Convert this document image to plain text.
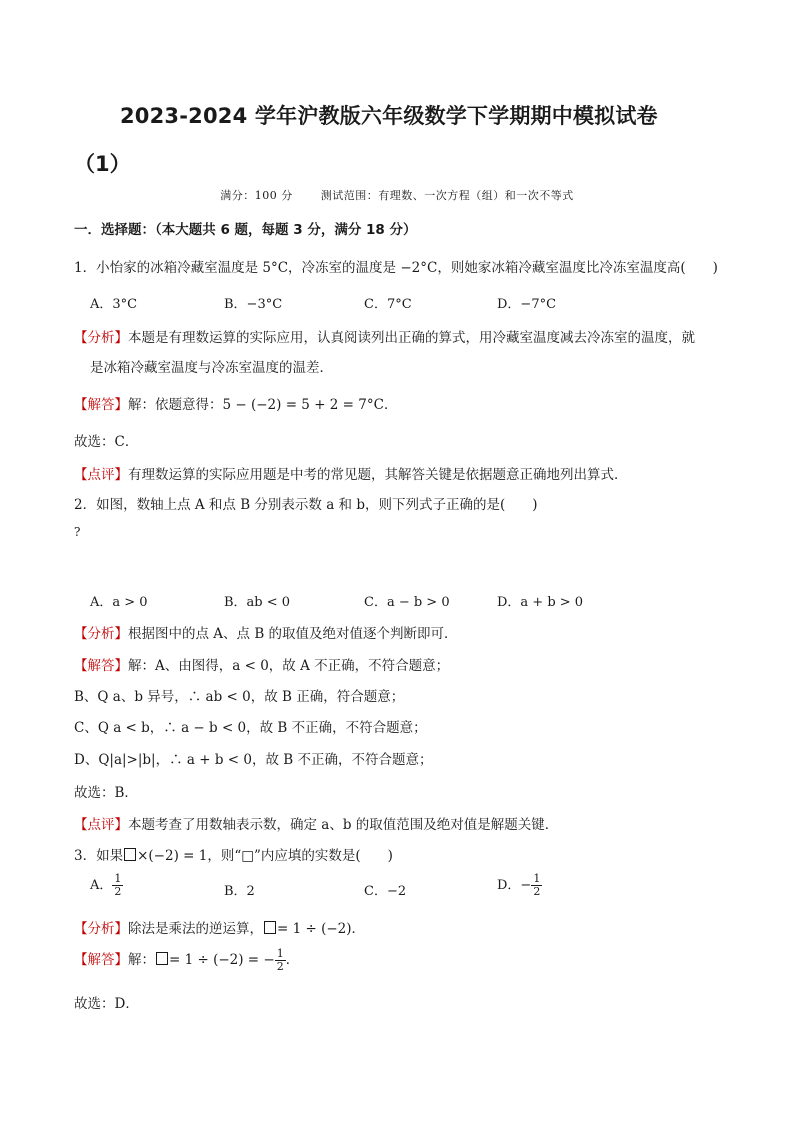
2023-2024 学年沪教版六年级数学下学期期中模拟试卷
（1）
满分：100 分	测试范围：有理数、一次方程（组）和一次不等式
一．选择题：（本大题共 6 题，每题 3 分，满分 18 分）
1．小怡家的冰箱冷藏室温度是 5°C，冷冻室的温度是 −2°C，则她家冰箱冷藏室温度比冷冻室温度高(　　)
A．3°C	B．−3°C	C．7°C	D．−7°C
【分析】本题是有理数运算的实际应用，认真阅读列出正确的算式，用冷藏室温度减去冷冻室的温度，就
是冰箱冷藏室温度与冷冻室温度的温差．
【解答】解：依题意得：5 − (−2) = 5 + 2 = 7°C．
故选：C．
【点评】有理数运算的实际应用题是中考的常见题，其解答关键是依据题意正确地列出算式．
2．如图，数轴上点 A 和点 B 分别表示数 a 和 b，则下列式子正确的是(　　)
?
A．a > 0	B．ab < 0	C．a − b > 0	D．a + b > 0
【分析】根据图中的点 A、点 B 的取值及绝对值逐个判断即可．
【解答】解：A、由图得，a < 0，故 A 不正确，不符合题意；
B、Q a、b 异号，∴ ab < 0，故 B 正确，符合题意；
C、Q a < b，∴ a − b < 0，故 B 不正确，不符合题意；
D、Q|a|>|b|，∴ a + b < 0，故 B 不正确，不符合题意；
故选：B．
【点评】本题考查了用数轴表示数，确定 a、b 的取值范围及绝对值是解题关键．
3．如果 ×(−2) = 1，则“□”内应填的实数是(　　)
A． $\frac{1}{2}$	B．2	C．−2	D．− $\frac{1}{2}$
【分析】除法是乘法的逆运算， = 1 ÷ (−2)．
【解答】解： = 1 ÷ (−2) = − $\frac{1}{2}$ ．
故选：D．
